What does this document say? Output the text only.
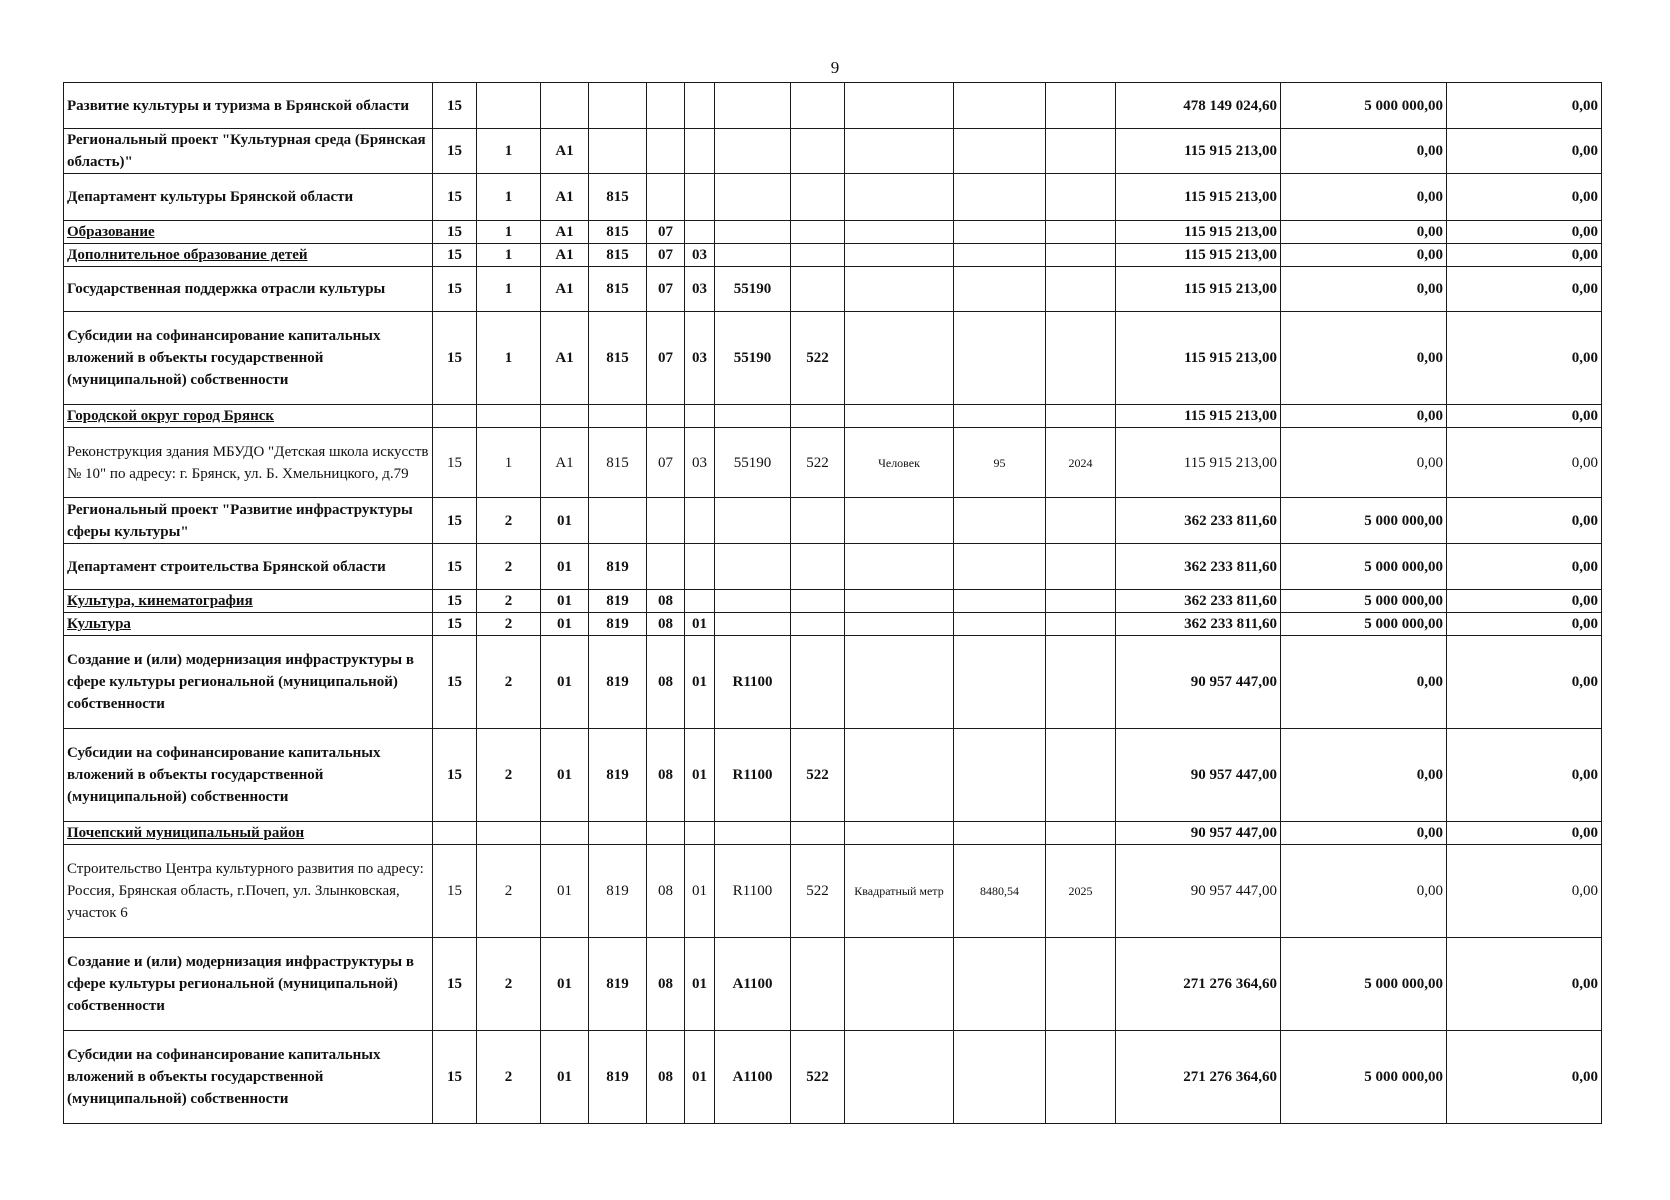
9
Развитие культуры и туризма в Брянской области	15											478 149 024,60	5 000 000,00	0,00
Региональный проект "Культурная среда (Брянская область)"	15	1	A1									115 915 213,00	0,00	0,00
Департамент культуры Брянской области	15	1	A1	815								115 915 213,00	0,00	0,00
Образование	15	1	A1	815	07							115 915 213,00	0,00	0,00
Дополнительное образование детей	15	1	A1	815	07	03						115 915 213,00	0,00	0,00
Государственная поддержка отрасли культуры	15	1	A1	815	07	03	55190					115 915 213,00	0,00	0,00
Субсидии на софинансирование капитальных вложений в объекты государственной (муниципальной) собственности	15	1	A1	815	07	03	55190	522				115 915 213,00	0,00	0,00
Городской округ город Брянск												115 915 213,00	0,00	0,00
Реконструкция здания МБУДО "Детская школа искусств № 10" по адресу: г. Брянск, ул. Б. Хмельницкого, д.79	15	1	A1	815	07	03	55190	522	Человек	95	2024	115 915 213,00	0,00	0,00
Региональный проект "Развитие инфраструктуры сферы культуры"	15	2	01									362 233 811,60	5 000 000,00	0,00
Департамент строительства Брянской области	15	2	01	819								362 233 811,60	5 000 000,00	0,00
Культура, кинематография	15	2	01	819	08							362 233 811,60	5 000 000,00	0,00
Культура	15	2	01	819	08	01						362 233 811,60	5 000 000,00	0,00
Создание и (или) модернизация инфраструктуры в сфере культуры региональной (муниципальной) собственности	15	2	01	819	08	01	R1100					90 957 447,00	0,00	0,00
Субсидии на софинансирование капитальных вложений в объекты государственной (муниципальной) собственности	15	2	01	819	08	01	R1100	522				90 957 447,00	0,00	0,00
Почепский муниципальный район												90 957 447,00	0,00	0,00
Строительство Центра культурного развития по адресу: Россия, Брянская область, г.Почеп, ул. Злынковская, участок 6	15	2	01	819	08	01	R1100	522	Квадратный метр	8480,54	2025	90 957 447,00	0,00	0,00
Создание и (или) модернизация инфраструктуры в сфере культуры региональной (муниципальной) собственности	15	2	01	819	08	01	A1100					271 276 364,60	5 000 000,00	0,00
Субсидии на софинансирование капитальных вложений в объекты государственной (муниципальной) собственности	15	2	01	819	08	01	A1100	522				271 276 364,60	5 000 000,00	0,00
